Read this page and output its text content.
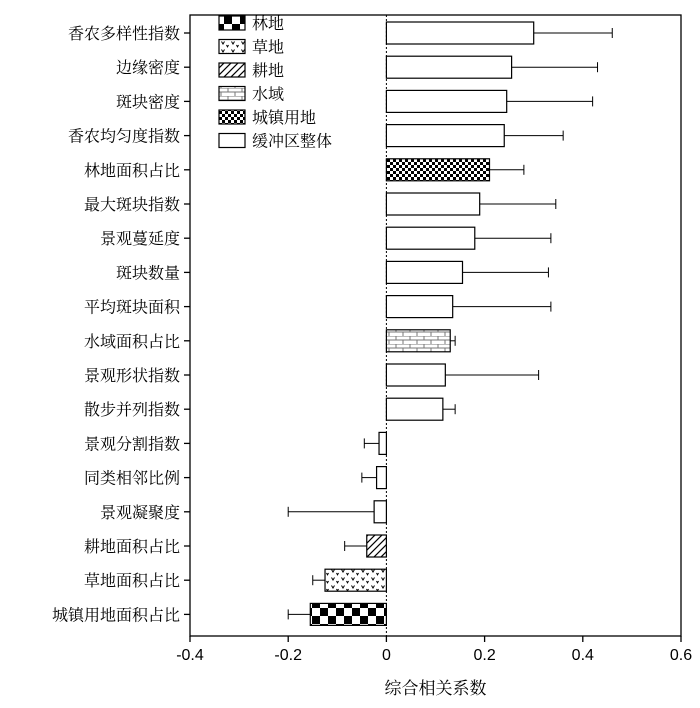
-0.4	-0.2	0	0.2	0.4	0.6
综合相关系数
香农多样性指数
边缘密度
斑块密度
香农均匀度指数
林地面积占比
最大斑块指数
景观蔓延度
斑块数量
平均斑块面积
水域面积占比
景观形状指数
散步并列指数
景观分割指数
同类相邻比例
景观凝聚度
耕地面积占比
草地面积占比
城镇用地面积占比
林地
草地
耕地
水域
城镇用地
缓冲区整体
